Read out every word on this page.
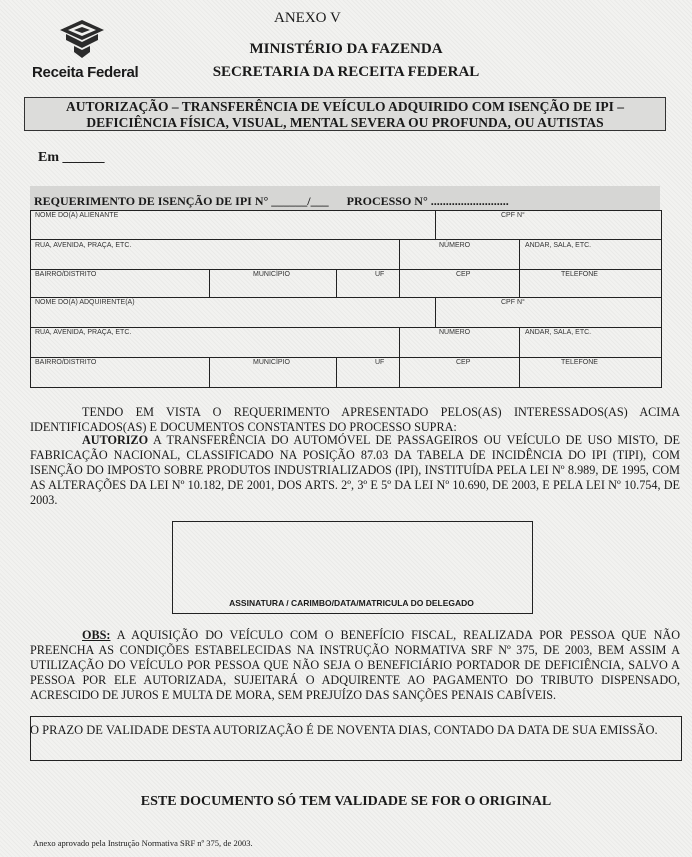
ANEXO V
Receita Federal
MINISTÉRIO DA FAZENDA
SECRETARIA DA RECEITA FEDERAL
AUTORIZAÇÃO – TRANSFERÊNCIA DE VEÍCULO ADQUIRIDO COM ISENÇÃO DE IPI –
DEFICIÊNCIA FÍSICA, VISUAL, MENTAL SEVERA OU PROFUNDA, OU AUTISTAS
Em ______
REQUERIMENTO DE ISENÇÃO DE IPI N° ______/___      PROCESSO N° ..........................
NOME DO(A) ALIENANTE	CPF N°
RUA, AVENIDA, PRAÇA, ETC.	NÚMERO	ANDAR, SALA, ETC.
BAIRRO/DISTRITO	MUNICÍPIO	UF	CEP	TELEFONE
NOME DO(A) ADQUIRENTE(A)	CPF N°
RUA, AVENIDA, PRAÇA, ETC.	NÚMERO	ANDAR, SALA, ETC.
BAIRRO/DISTRITO	MUNICÍPIO	UF	CEP	TELEFONE
TENDO EM VISTA O REQUERIMENTO APRESENTADO PELOS(AS) INTERESSADOS(AS) ACIMA IDENTIFICADOS(AS) E DOCUMENTOS CONSTANTES DO PROCESSO SUPRA:
AUTORIZO A TRANSFERÊNCIA DO AUTOMÓVEL DE PASSAGEIROS OU VEÍCULO DE USO MISTO, DE FABRICAÇÃO NACIONAL, CLASSIFICADO NA POSIÇÃO 87.03 DA TABELA DE INCIDÊNCIA DO IPI (TIPI), COM ISENÇÃO DO IMPOSTO SOBRE PRODUTOS INDUSTRIALIZADOS (IPI), INSTITUÍDA PELA LEI Nº 8.989, DE 1995, COM AS ALTERAÇÕES DA LEI Nº 10.182, DE 2001, DOS ARTS. 2º, 3º E 5º DA LEI Nº 10.690, DE 2003, E PELA LEI Nº 10.754, DE 2003.
ASSINATURA / CARIMBO/DATA/MATRICULA DO DELEGADO
OBS: A AQUISIÇÃO DO VEÍCULO COM O BENEFÍCIO FISCAL, REALIZADA POR PESSOA QUE NÃO PREENCHA AS CONDIÇÕES ESTABELECIDAS NA INSTRUÇÃO NORMATIVA SRF Nº 375, DE 2003, BEM ASSIM A UTILIZAÇÃO DO VEÍCULO POR PESSOA QUE NÃO SEJA O BENEFICIÁRIO PORTADOR DE DEFICIÊNCIA, SALVO A PESSOA POR ELE AUTORIZADA, SUJEITARÁ O ADQUIRENTE AO PAGAMENTO DO TRIBUTO DISPENSADO, ACRESCIDO DE JUROS E MULTA DE MORA, SEM PREJUÍZO DAS SANÇÕES PENAIS CABÍVEIS.
O PRAZO DE VALIDADE DESTA AUTORIZAÇÃO É DE NOVENTA DIAS, CONTADO DA DATA DE SUA EMISSÃO.
ESTE DOCUMENTO SÓ TEM VALIDADE SE FOR O ORIGINAL
Anexo aprovado pela Instrução Normativa SRF nº 375, de 2003.
